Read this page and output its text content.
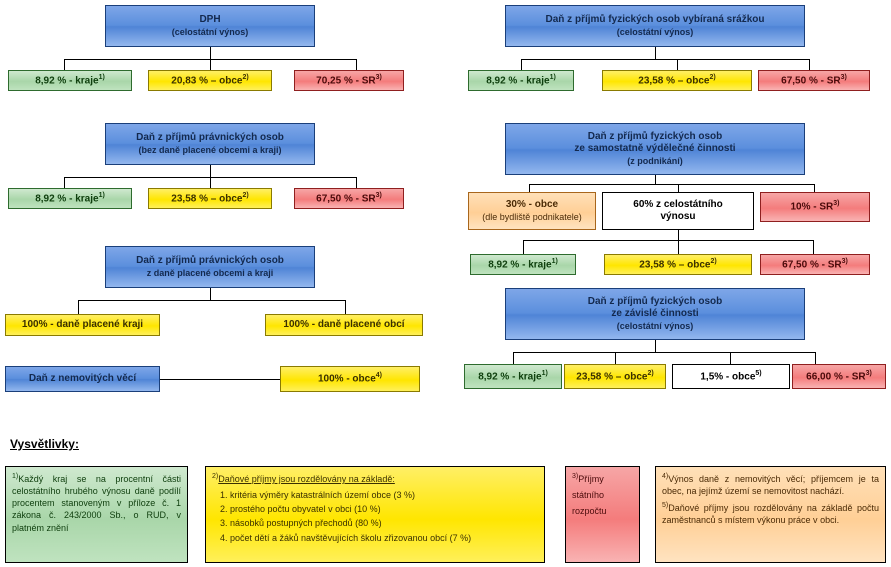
DPH
(celostátní výnos)
8,92 % - kraje$^{1)}$	20,83 % – obce$^{2)}$	70,25 % - SR$^{3)}$
Daň z příjmů fyzických osob vybíraná srážkou
(celostátní výnos)
8,92 % - kraje$^{1)}$	23,58 % – obce$^{2)}$	67,50 % - SR$^{3)}$
Daň z příjmů právnických osob
(bez daně placené obcemi a kraji)
8,92 % - kraje$^{1)}$	23,58 % – obce$^{2)}$	67,50 % - SR$^{3)}$
Daň z příjmů fyzických osob
ze samostatně výdělečné činnosti
(z podnikání)
30% - obce
(dle bydliště podnikatele)
60% z celostátního
výnosu
10% - SR$^{3)}$
8,92 % - kraje$^{1)}$	23,58 % – obce$^{2)}$	67,50 % - SR$^{3)}$
Daň z příjmů právnických osob
z daně placené obcemi a kraji
100% - daně placené kraji	100% - daně placené obcí
Daň z příjmů fyzických osob
ze závislé činnosti
(celostátní výnos)
8,92 % - kraje$^{1)}$	23,58 % – obce$^{2)}$	1,5% - obce$^{5)}$	66,00 % - SR$^{3)}$
Daň z nemovitých věcí	100% - obce$^{4)}$
Vysvětlivky:
$^{1)}$Každý kraj se na procentní části celostátního hrubého výnosu daně podílí procentem stanoveným v příloze č. 1 zákona č. 243/2000 Sb., o RUD, v platném znění
$^{2)}$Daňové příjmy jsou rozdělovány na základě:
1. kritéria výměry katastrálních území obce (3 %)
2. prostého počtu obyvatel v obci (10 %)
3. násobků postupných přechodů (80 %)
4. počet dětí a žáků navštěvujících školu zřizovanou obcí (7 %)
$^{3)}$Příjmy
státního
rozpočtu
$^{4)}$Výnos daně z nemovitých věcí; příjemcem je ta obec, na jejímž území se nemovitost nachází.
$^{5)}$Daňové příjmy jsou rozdělovány na základě počtu zaměstnanců s místem výkonu práce v obci.
